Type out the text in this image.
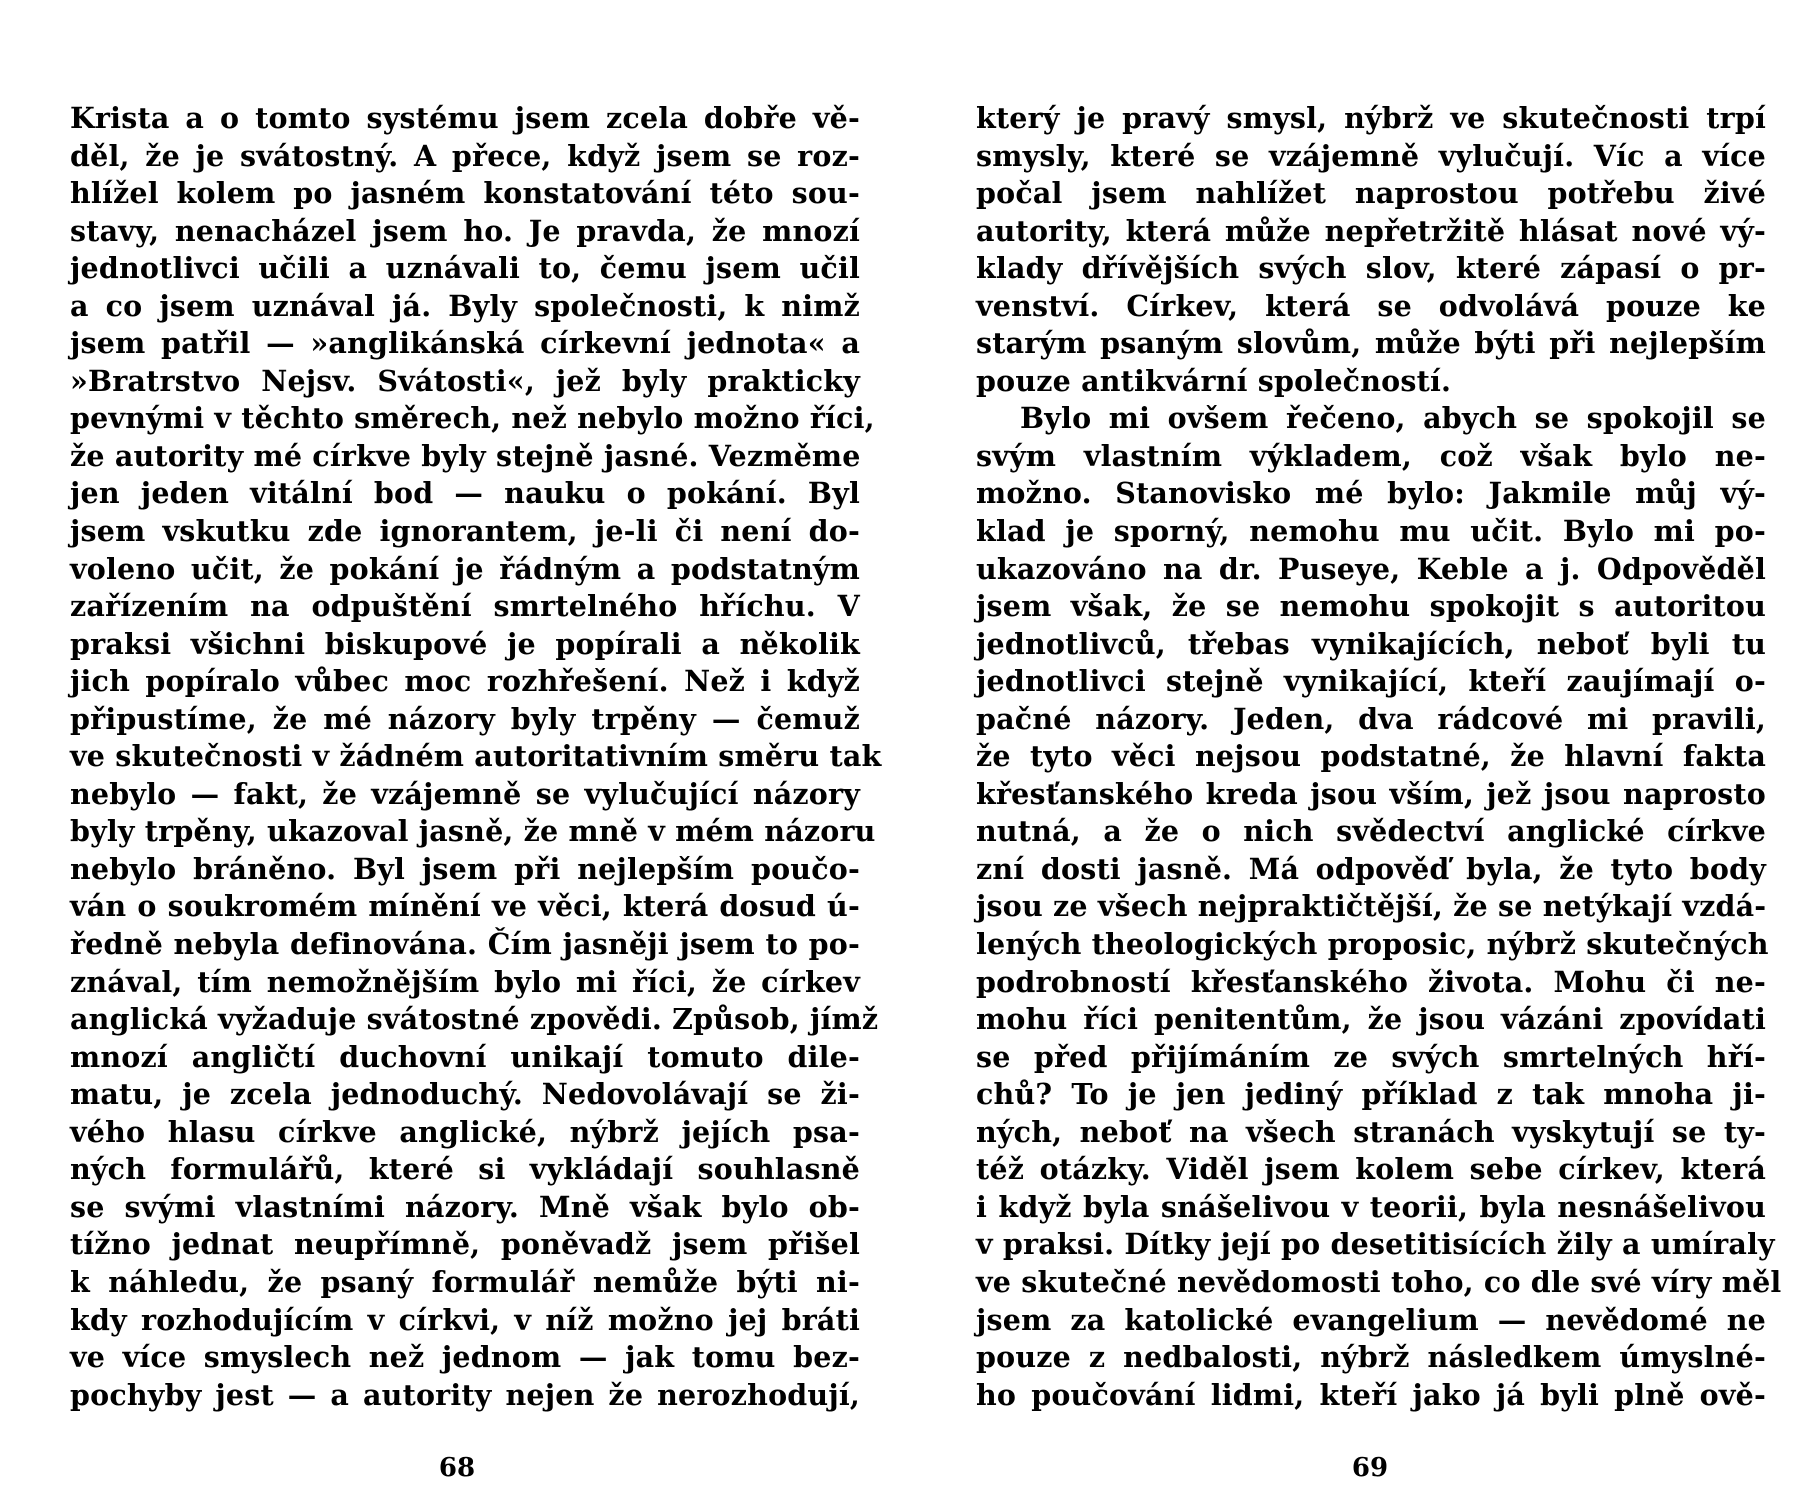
Krista a o tomto systému jsem zcela dobře vě-
děl, že je svátostný. A přece, když jsem se roz-
hlížel kolem po jasném konstatování této sou-
stavy, nenacházel jsem ho. Je pravda, že mnozí
jednotlivci učili a uznávali to, čemu jsem učil
a co jsem uznával já. Byly společnosti, k nimž
jsem patřil — »anglikánská církevní jednota« a
»Bratrstvo Nejsv. Svátosti«, jež byly prakticky
pevnými v těchto směrech, než nebylo možno říci,
že autority mé církve byly stejně jasné. Vezměme
jen jeden vitální bod — nauku o pokání. Byl
jsem vskutku zde ignorantem, je-li či není do-
voleno učit, že pokání je řádným a podstatným
zařízením na odpuštění smrtelného hříchu. V
praksi všichni biskupové je popírali a několik
jich popíralo vůbec moc rozhřešení. Než i když
připustíme, že mé názory byly trpěny — čemuž
ve skutečnosti v žádném autoritativním směru tak
nebylo — fakt, že vzájemně se vylučující názory
byly trpěny, ukazoval jasně, že mně v mém názoru
nebylo bráněno. Byl jsem při nejlepším poučo-
ván o soukromém mínění ve věci, která dosud ú-
ředně nebyla definována. Čím jasněji jsem to po-
znával, tím nemožnějším bylo mi říci, že církev
anglická vyžaduje svátostné zpovědi. Způsob, jímž
mnozí angličtí duchovní unikají tomuto dile-
matu, je zcela jednoduchý. Nedovolávají se ži-
vého hlasu církve anglické, nýbrž jejích psa-
ných formulářů, které si vykládají souhlasně
se svými vlastními názory. Mně však bylo ob-
tížno jednat neupřímně, poněvadž jsem přišel
k náhledu, že psaný formulář nemůže býti ni-
kdy rozhodujícím v církvi, v níž možno jej bráti
ve více smyslech než jednom — jak tomu bez-
pochyby jest — a autority nejen že nerozhodují,
který je pravý smysl, nýbrž ve skutečnosti trpí
smysly, které se vzájemně vylučují. Víc a více
počal jsem nahlížet naprostou potřebu živé
autority, která může nepřetržitě hlásat nové vý-
klady dřívějších svých slov, které zápasí o pr-
venství. Církev, která se odvolává pouze ke
starým psaným slovům, může býti při nejlepším
pouze antikvární společností.
Bylo mi ovšem řečeno, abych se spokojil se
svým vlastním výkladem, což však bylo ne-
možno. Stanovisko mé bylo: Jakmile můj vý-
klad je sporný, nemohu mu učit. Bylo mi po-
ukazováno na dr. Puseye, Keble a j. Odpověděl
jsem však, že se nemohu spokojit s autoritou
jednotlivců, třebas vynikajících, neboť byli tu
jednotlivci stejně vynikající, kteří zaujímají o-
pačné názory. Jeden, dva rádcové mi pravili,
že tyto věci nejsou podstatné, že hlavní fakta
křesťanského kreda jsou vším, jež jsou naprosto
nutná, a že o nich svědectví anglické církve
zní dosti jasně. Má odpověď byla, že tyto body
jsou ze všech nejpraktičtější, že se netýkají vzdá-
lených theologických proposic, nýbrž skutečných
podrobností křesťanského života. Mohu či ne-
mohu říci penitentům, že jsou vázáni zpovídati
se před přijímáním ze svých smrtelných hří-
chů? To je jen jediný příklad z tak mnoha ji-
ných, neboť na všech stranách vyskytují se ty-
též otázky. Viděl jsem kolem sebe církev, která
i když byla snášelivou v teorii, byla nesnášelivou
v praksi. Dítky její po desetitisících žily a umíraly
ve skutečné nevědomosti toho, co dle své víry měl
jsem za katolické evangelium — nevědomé ne
pouze z nedbalosti, nýbrž následkem úmyslné-
ho poučování lidmi, kteří jako já byli plně ově-
68	69
